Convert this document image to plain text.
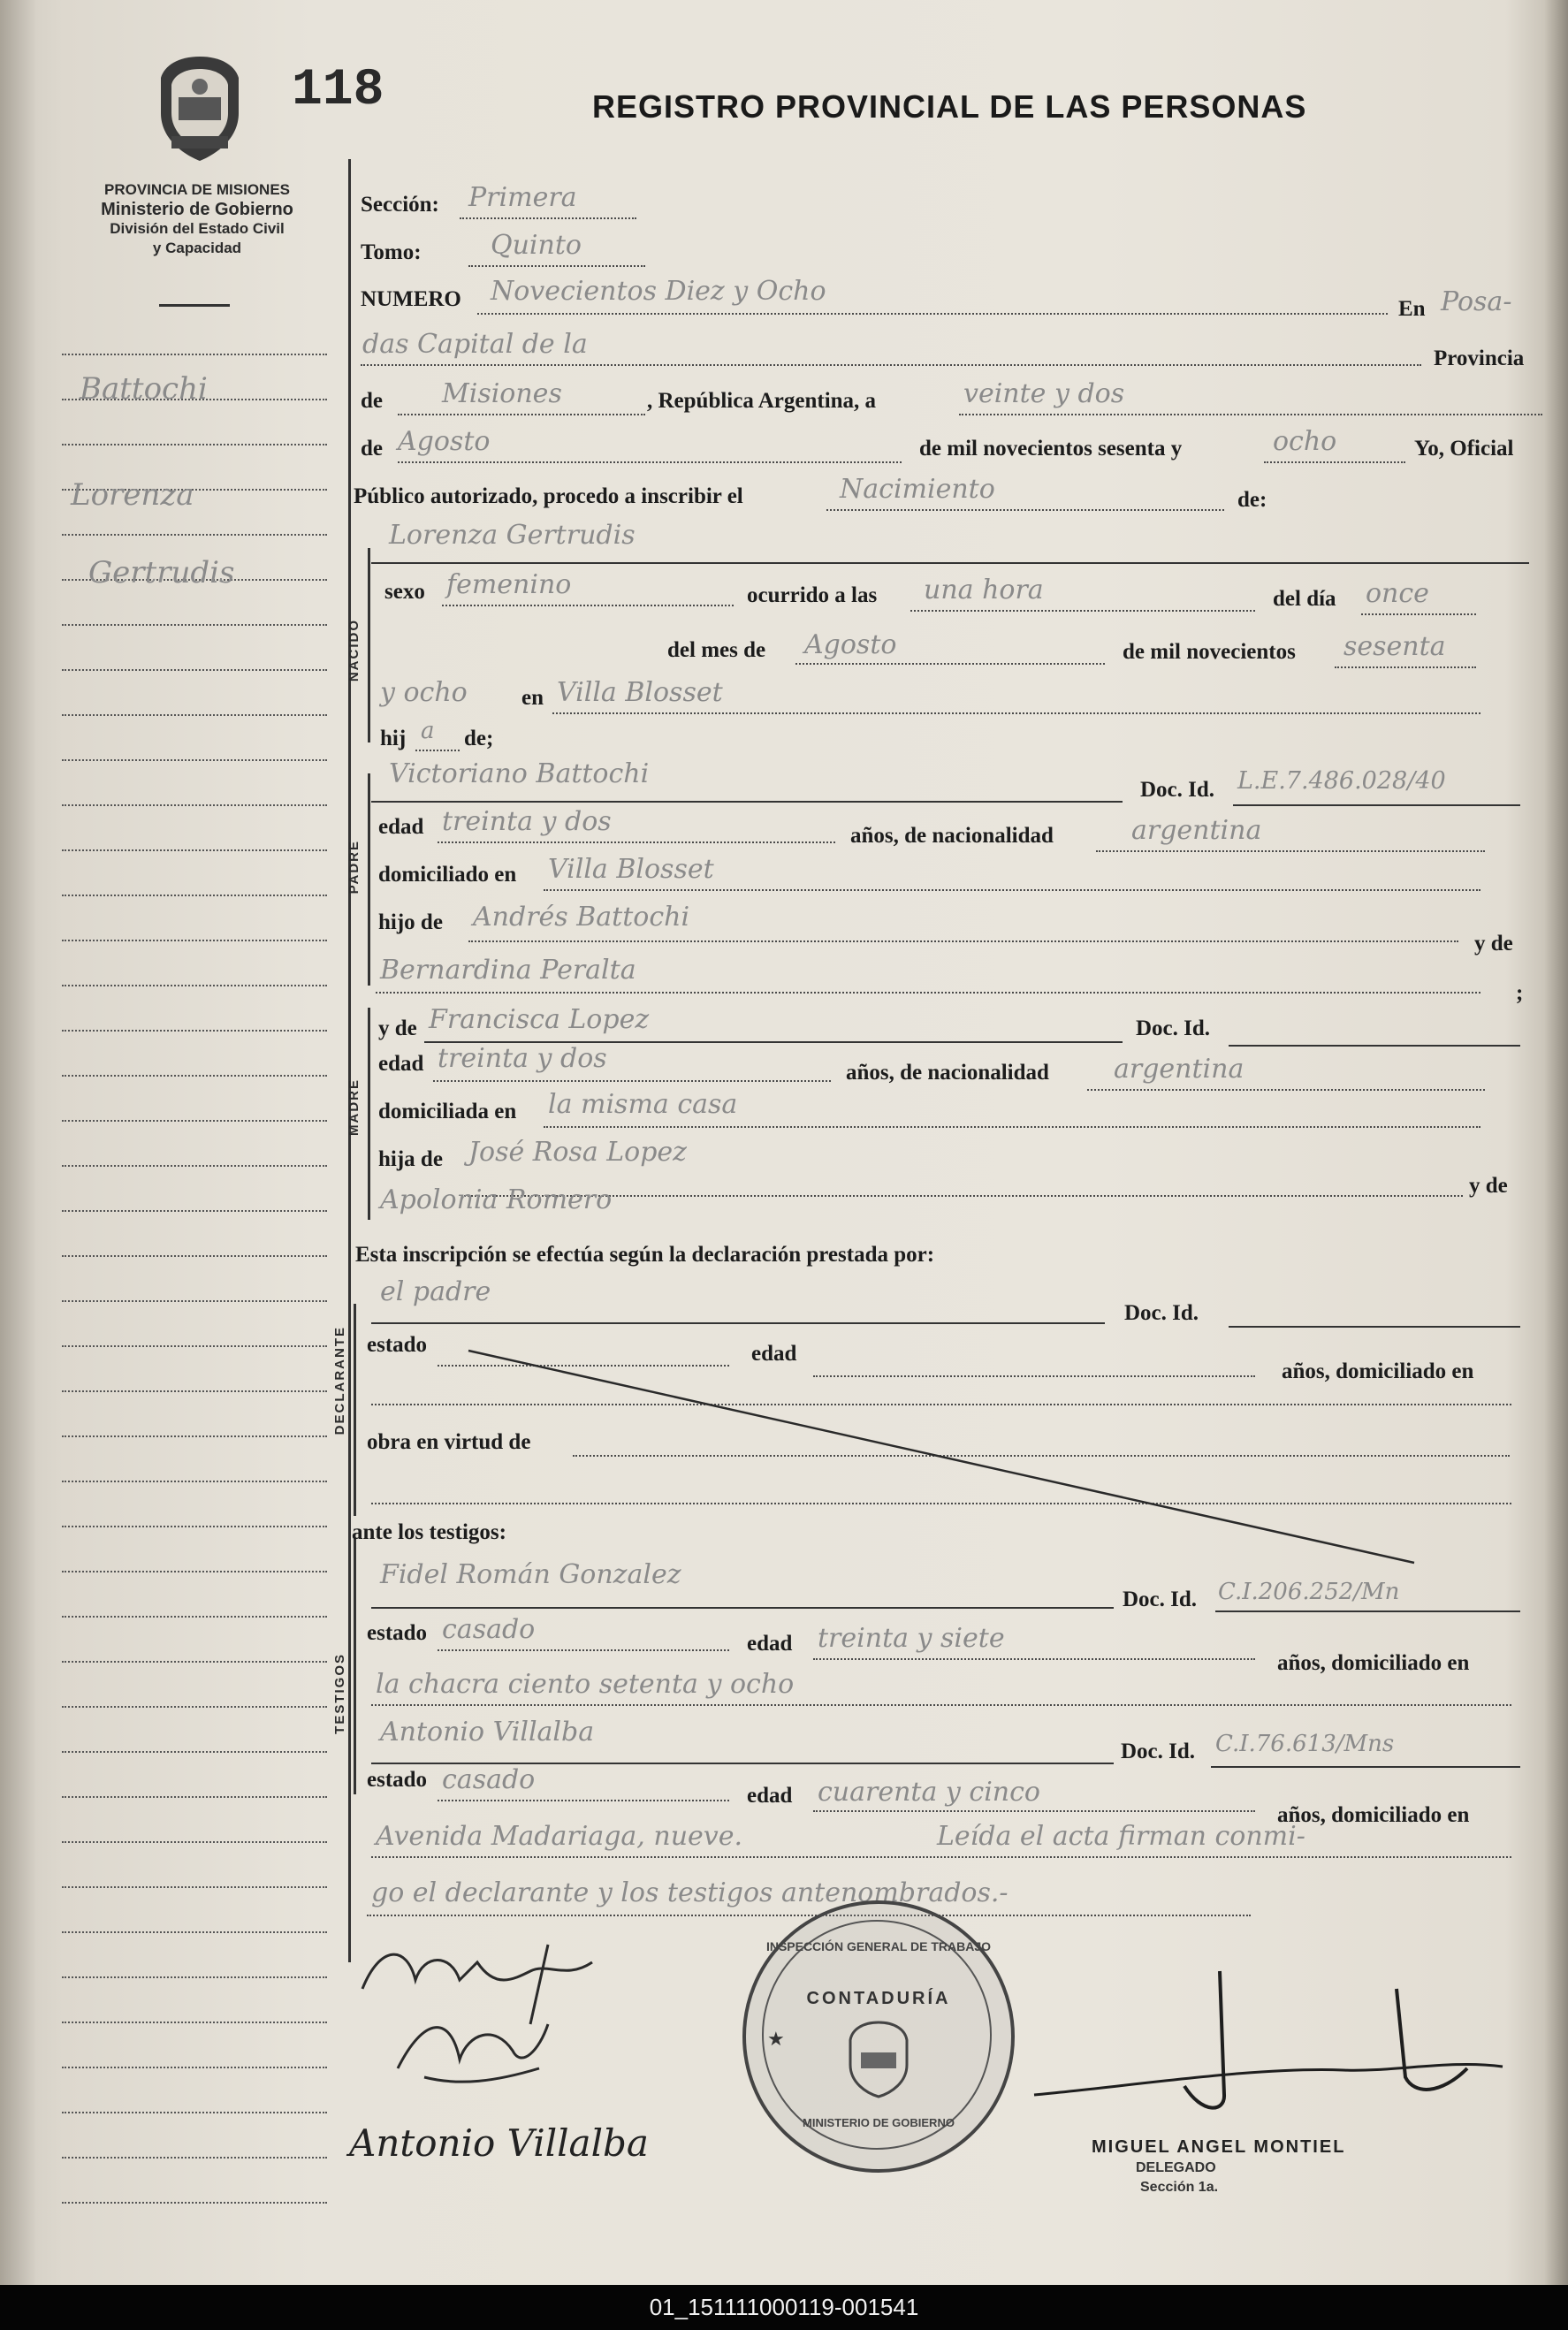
118	REGISTRO PROVINCIAL DE LAS PERSONAS
PROVINCIA DE MISIONES
Ministerio de Gobierno
División del Estado Civil
y Capacidad
Battochi
Lorenza
Gertrudis
NACIDO
PADRE
MADRE
DECLARANTE
TESTIGOS
Sección: Primera
Tomo:	Quinto
NUMERO Novecientos Diez y Ocho
En Posa-
das Capital de la	Provincia
de Misiones	, República Argentina, a	veinte y dos
de Agosto	de mil novecientos sesenta y	ocho	Yo, Oficial
Público autorizado, procedo a inscribir el	Nacimiento	de:
Lorenza Gertrudis
sexo femenino	ocurrido a las una hora	del día once
del mes de Agosto	de mil novecientos sesenta
y ocho en Villa Blosset
hij a de;
Victoriano Battochi
Doc. Id. L.E.7.486.028/40
edad treinta y dos	años, de nacionalidad	argentina
domiciliado en Villa Blosset
hijo de Andrés Battochi
y de
Bernardina Peralta
;
y de Francisca Lopez	Doc. Id.
edad treinta y dos	años, de nacionalidad argentina
domiciliada en la misma casa
hija de José Rosa Lopez
y de
Apolonia Romero
Esta inscripción se efectúa según la declaración prestada por:
el padre
Doc. Id.
estado	edad
años, domiciliado en
obra en virtud de
ante los testigos:
Fidel Román Gonzalez
Doc. Id. C.I.206.252/Mn
estado casado	edad treinta y siete
años, domiciliado en
la chacra ciento setenta y ocho
Antonio Villalba
Doc. Id. C.I.76.613/Mns
estado casado
edad cuarenta y cinco
años, domiciliado en
Avenida Madariaga, nueve.	Leída el acta firman conmi-
go el declarante y los testigos antenombrados.-
Antonio Villalba
INSPECCIÓN GENERAL DE TRABAJO
CONTADURÍA
MINISTERIO DE GOBIERNO
★
MIGUEL ANGEL MONTIEL
DELEGADO
Sección 1a.
01_151111000119-001541
